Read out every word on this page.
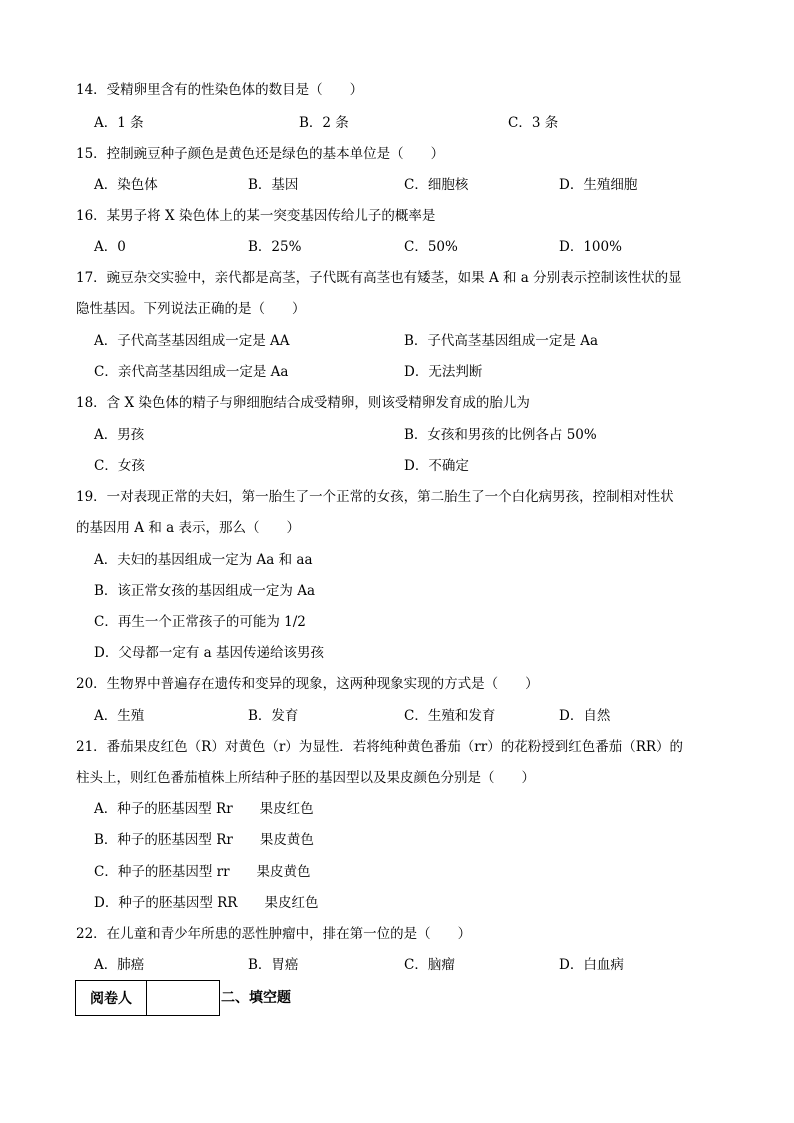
14．受精卵里含有的性染色体的数目是（　　）
A．1 条	B．2 条	C．3 条
15．控制豌豆种子颜色是黄色还是绿色的基本单位是（　　）
A．染色体	B．基因	C．细胞核	D．生殖细胞
16．某男子将 X 染色体上的某一突变基因传给儿子的概率是
A．0	B．25%	C．50%	D．100%
17．豌豆杂交实验中，亲代都是高茎，子代既有高茎也有矮茎，如果 A 和 a 分别表示控制该性状的显
隐性基因。下列说法正确的是（　　）
A．子代高茎基因组成一定是 AA	B．子代高茎基因组成一定是 Aa
C．亲代高茎基因组成一定是 Aa	D．无法判断
18．含 X 染色体的精子与卵细胞结合成受精卵，则该受精卵发育成的胎儿为
A．男孩	B．女孩和男孩的比例各占 50%
C．女孩	D．不确定
19．一对表现正常的夫妇，第一胎生了一个正常的女孩，第二胎生了一个白化病男孩，控制相对性状
的基因用 A 和 a 表示，那么（　　）
A．夫妇的基因组成一定为 Aa 和 aa
B．该正常女孩的基因组成一定为 Aa
C．再生一个正常孩子的可能为 1/2
D．父母都一定有 a 基因传递给该男孩
20．生物界中普遍存在遗传和变异的现象，这两种现象实现的方式是（　　）
A．生殖	B．发育	C．生殖和发育	D．自然
21．番茄果皮红色（R）对黄色（r）为显性．若将纯种黄色番茄（rr）的花粉授到红色番茄（RR）的
柱头上，则红色番茄植株上所结种子胚的基因型以及果皮颜色分别是（　　）
A．种子的胚基因型 Rr　　果皮红色
B．种子的胚基因型 Rr　　果皮黄色
C．种子的胚基因型 rr　　果皮黄色
D．种子的胚基因型 RR　　果皮红色
22．在儿童和青少年所患的恶性肿瘤中，排在第一位的是（　　）
A．肺癌	B．胃癌	C．脑瘤	D．白血病
阅卷人	二、填空题
